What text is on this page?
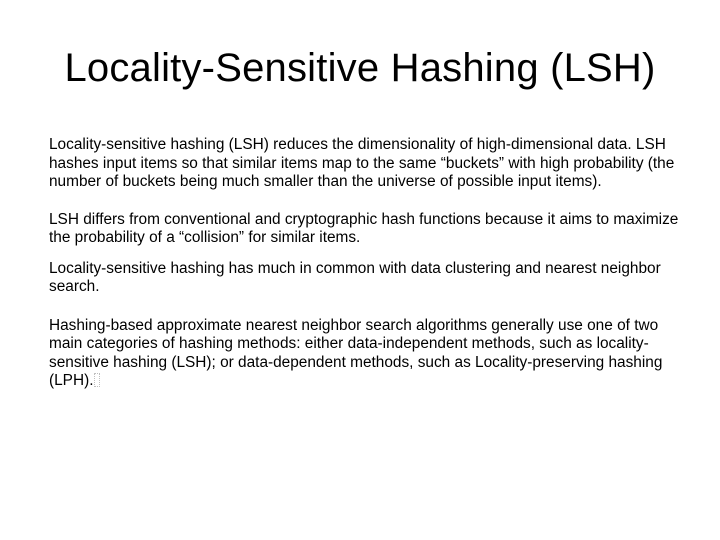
Locality-Sensitive Hashing (LSH)

Locality-sensitive hashing (LSH) reduces the dimensionality of high-dimensional data. LSH hashes input items so that similar items map to the same “buckets” with high probability (the number of buckets being much smaller than the universe of possible input items).

LSH differs from conventional and cryptographic hash functions because it aims to maximize the probability of a “collision” for similar items.

Locality-sensitive hashing has much in common with data clustering and nearest neighbor search.

Hashing-based approximate nearest neighbor search algorithms generally use one of two main categories of hashing methods: either data-independent methods, such as locality-sensitive hashing (LSH); or data-dependent methods, such as Locality-preserving hashing (LPH).
